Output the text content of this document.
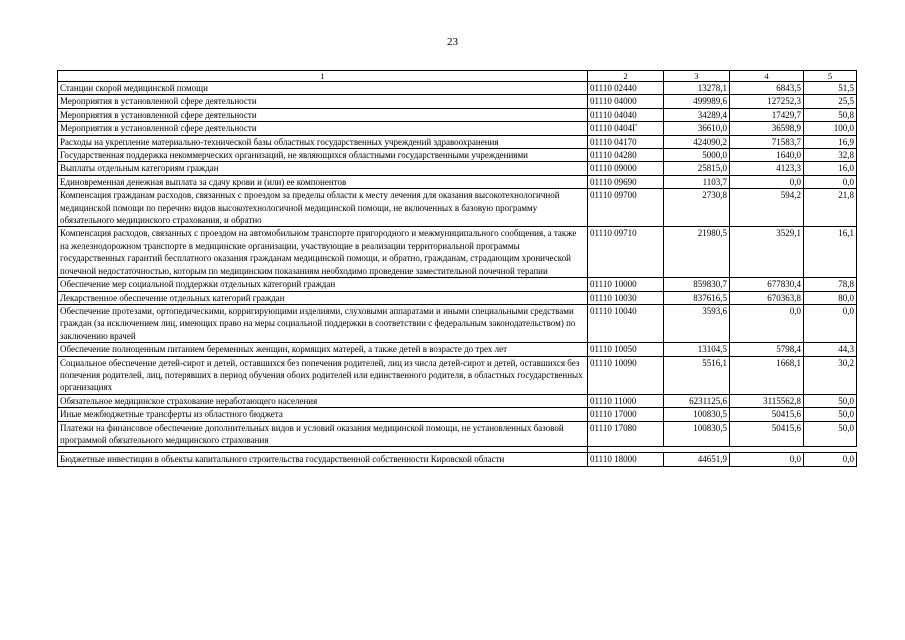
23
1	2	3	4	5
Станции скорой медицинской помощи	01110 02440	13278,1	6843,5	51,5
Мероприятия в установленной сфере деятельности	01110 04000	499989,6	127252,3	25,5
Мероприятия в установленной сфере деятельности	01110 04040	34289,4	17429,7	50,8
Мероприятия в установленной сфере деятельности	01110 0404Г	36610,0	36598,9	100,0
Расходы на укрепление материально-технической базы областных государственных учреждений здравоохранения	01110 04170	424090,2	71583,7	16,9
Государственная поддержка некоммерческих организаций, не являющихся областными государственными учреждениями	01110 04280	5000,0	1640,0	32,8
Выплаты отдельным категориям граждан	01110 09000	25815,0	4123,3	16,0
Единовременная денежная выплата за сдачу крови и (или) ее компонентов	01110 09690	1103,7	0,0	0,0
Компенсация гражданам расходов, связанных с проездом за пределы области к месту лечения для оказания высокотехнологичной медицинской помощи по перечню видов высокотехнологичной медицинской помощи, не включенных в базовую программу обязательного медицинского страхования, и обратно	01110 09700	2730,8	594,2	21,8
Компенсация расходов, связанных с проездом на автомобильном транспорте пригородного и межмуниципального сообщения, а также на железнодорожном транспорте в медицинские организации, участвующие в реализации территориальной программы государственных гарантий бесплатного оказания гражданам медицинской помощи, и обратно, гражданам, страдающим хронической почечной недостаточностью, которым по медицинским показаниям необходимо проведение заместительной почечной терапии	01110 09710	21980,5	3529,1	16,1
Обеспечение мер социальной поддержки отдельных категорий граждан	01110 10000	859830,7	677830,4	78,8
Лекарственное обеспечение отдельных категорий граждан	01110 10030	837616,5	670363,8	80,0
Обеспечение протезами, ортопедическими, корригирующими изделиями, слуховыми аппаратами и иными специальными средствами граждан (за исключением лиц, имеющих право на меры социальной поддержки в соответствии с федеральным законодательством) по заключению врачей	01110 10040	3593,6	0,0	0,0
Обеспечение полноценным питанием беременных женщин, кормящих матерей, а также детей в возрасте до трех лет	01110 10050	13104,5	5798,4	44,3
Социальное обеспечение детей-сирот и детей, оставшихся без попечения родителей, лиц из числа детей-сирот и детей, оставшихся без попечения родителей, лиц, потерявших в период обучения обоих родителей или единственного родителя, в областных государственных организациях	01110 10090	5516,1	1668,1	30,2
Обязательное медицинское страхование неработающего населения	01110 11000	6231125,6	3115562,8	50,0
Иные межбюджетные трансферты из областного бюджета	01110 17000	100830,5	50415,6	50,0
Платежи на финансовое обеспечение дополнительных видов и условий оказания медицинской помощи, не установленных базовой программой обязательного медицинского страхования	01110 17080	100830,5	50415,6	50,0

Бюджетные инвестиции в объекты капитального строительства государственной собственности Кировской области	01110 18000	44651,9	0,0	0,0
